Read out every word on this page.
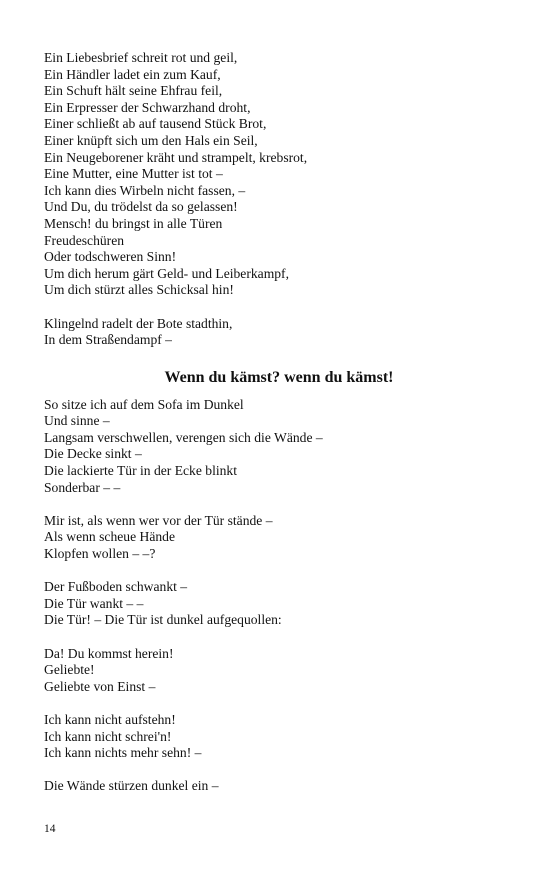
Ein Liebesbrief schreit rot und geil,
Ein Händler ladet ein zum Kauf,
Ein Schuft hält seine Ehfrau feil,
Ein Erpresser der Schwarzhand droht,
Einer schließt ab auf tausend Stück Brot,
Einer knüpft sich um den Hals ein Seil,
Ein Neugeborener kräht und strampelt, krebsrot,
Eine Mutter, eine Mutter ist tot –
Ich kann dies Wirbeln nicht fassen, –
Und Du, du trödelst da so gelassen!
Mensch! du bringst in alle Türen
Freudeschüren
Oder todschweren Sinn!
Um dich herum gärt Geld- und Leiberkampf,
Um dich stürzt alles Schicksal hin!
Klingelnd radelt der Bote stadthin,
In dem Straßendampf –
Wenn du kämst? wenn du kämst!
So sitze ich auf dem Sofa im Dunkel
Und sinne –
Langsam verschwellen, verengen sich die Wände –
Die Decke sinkt –
Die lackierte Tür in der Ecke blinkt
Sonderbar – –
Mir ist, als wenn wer vor der Tür stände –
Als wenn scheue Hände
Klopfen wollen – –?
Der Fußboden schwankt –
Die Tür wankt – –
Die Tür! – Die Tür ist dunkel aufgequollen:
Da! Du kommst herein!
Geliebte!
Geliebte von Einst –
Ich kann nicht aufstehn!
Ich kann nicht schrei'n!
Ich kann nichts mehr sehn! –
Die Wände stürzen dunkel ein –
14
